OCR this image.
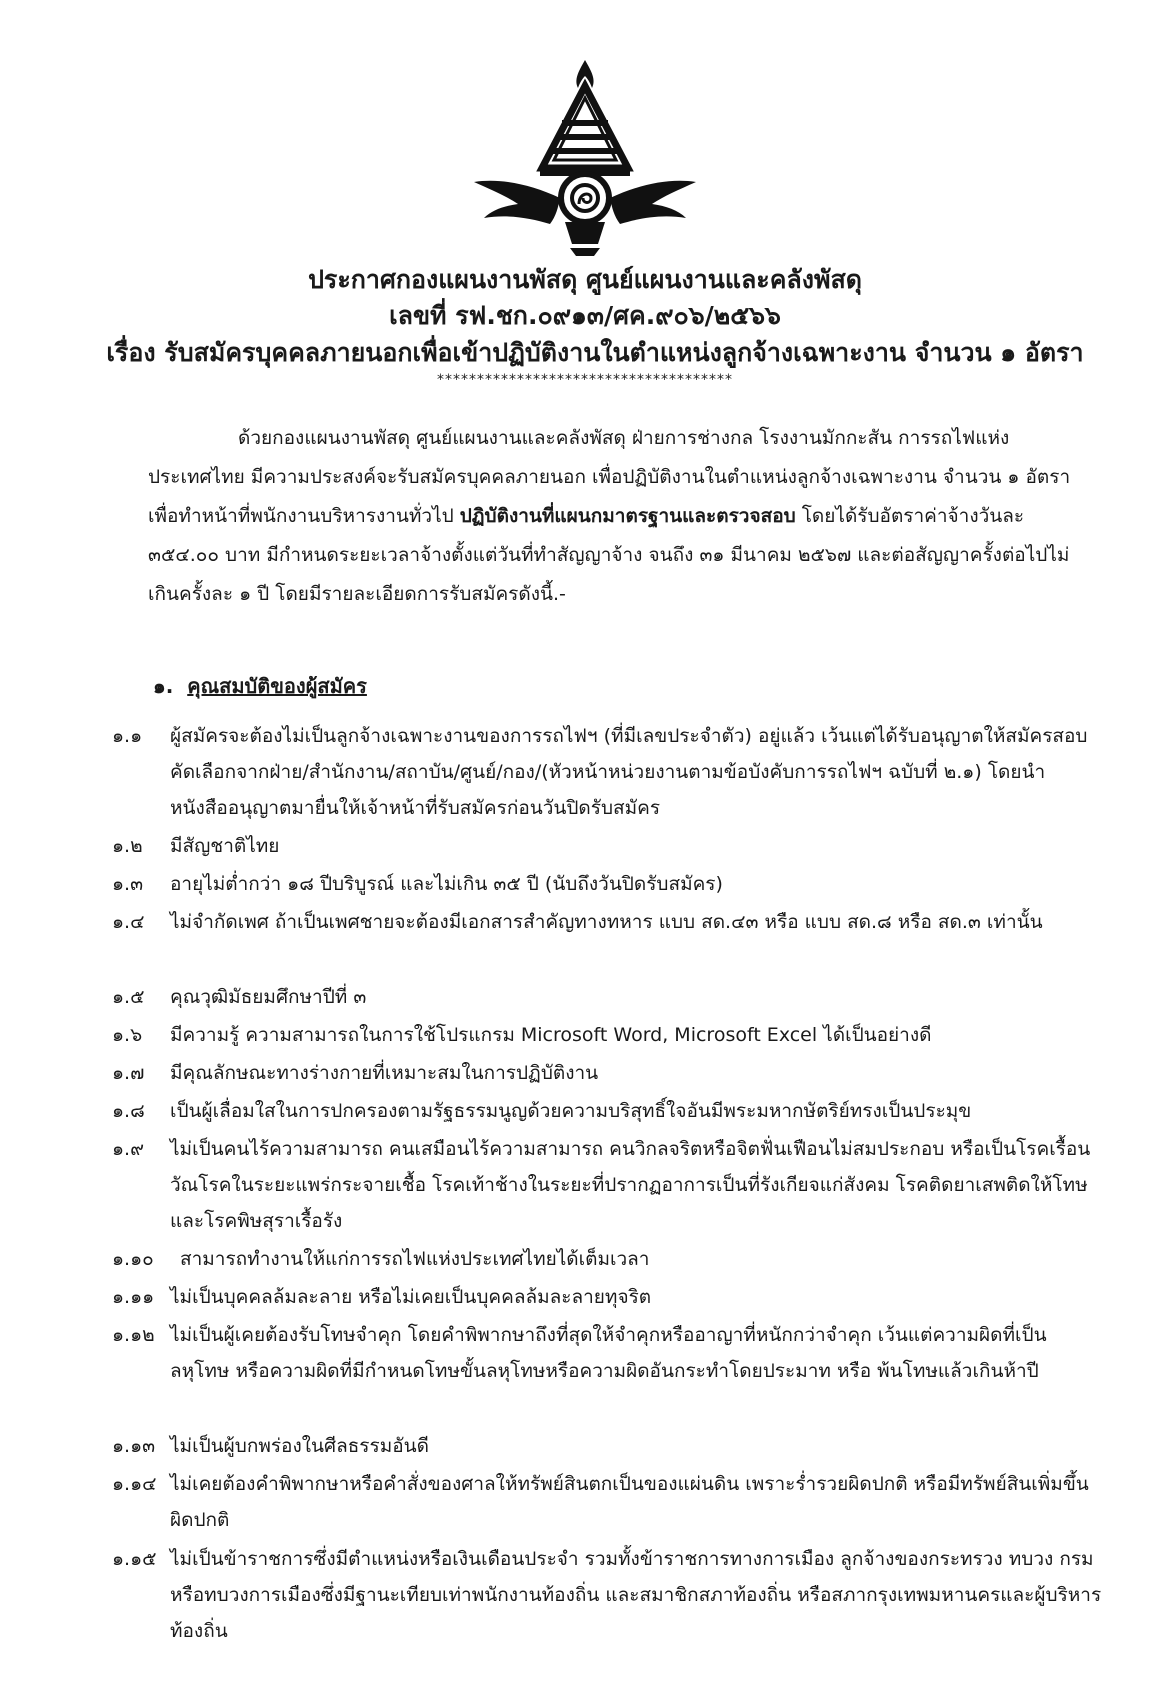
ประกาศกองแผนงานพัสดุ ศูนย์แผนงานและคลังพัสดุ
เลขที่ รฟ.ชก.๐๙๑๓/ศค.๙๐๖/๒๕๖๖
เรื่อง รับสมัครบุคคลภายนอกเพื่อเข้าปฏิบัติงานในตำแหน่งลูกจ้างเฉพาะงาน จำนวน ๑ อัตรา
*************************************
ด้วยกองแผนงานพัสดุ ศูนย์แผนงานและคลังพัสดุ ฝ่ายการช่างกล โรงงานมักกะสัน การรถไฟแห่งประเทศไทย มีความประสงค์จะรับสมัครบุคคลภายนอก เพื่อปฏิบัติงานในตำแหน่งลูกจ้างเฉพาะงาน จำนวน ๑ อัตรา เพื่อทำหน้าที่พนักงานบริหารงานทั่วไป ปฏิบัติงานที่แผนกมาตรฐานและตรวจสอบ โดยได้รับอัตราค่าจ้างวันละ ๓๕๔.๐๐ บาท มีกำหนดระยะเวลาจ้างตั้งแต่วันที่ทำสัญญาจ้าง จนถึง ๓๑ มีนาคม ๒๕๖๗ และต่อสัญญาครั้งต่อไปไม่เกินครั้งละ ๑ ปี โดยมีรายละเอียดการรับสมัครดังนี้.-
๑. คุณสมบัติของผู้สมัคร
๑.๑	ผู้สมัครจะต้องไม่เป็นลูกจ้างเฉพาะงานของการรถไฟฯ (ที่มีเลขประจำตัว) อยู่แล้ว เว้นแต่ได้รับอนุญาตให้สมัครสอบคัดเลือกจากฝ่าย/สำนักงาน/สถาบัน/ศูนย์/กอง/(หัวหน้าหน่วยงานตามข้อบังคับการรถไฟฯ ฉบับที่ ๒.๑) โดยนำหนังสืออนุญาตมายื่นให้เจ้าหน้าที่รับสมัครก่อนวันปิดรับสมัคร
๑.๒	มีสัญชาติไทย
๑.๓	อายุไม่ต่ำกว่า ๑๘ ปีบริบูรณ์ และไม่เกิน ๓๕ ปี (นับถึงวันปิดรับสมัคร)
๑.๔	ไม่จำกัดเพศ ถ้าเป็นเพศชายจะต้องมีเอกสารสำคัญทางทหาร แบบ สด.๔๓ หรือ แบบ สด.๘ หรือ สด.๓ เท่านั้น
๑.๕	คุณวุฒิมัธยมศึกษาปีที่ ๓
๑.๖	มีความรู้ ความสามารถในการใช้โปรแกรม Microsoft Word, Microsoft Excel ได้เป็นอย่างดี
๑.๗	มีคุณลักษณะทางร่างกายที่เหมาะสมในการปฏิบัติงาน
๑.๘	เป็นผู้เลื่อมใสในการปกครองตามรัฐธรรมนูญด้วยความบริสุทธิ์ใจอันมีพระมหากษัตริย์ทรงเป็นประมุข
๑.๙	ไม่เป็นคนไร้ความสามารถ คนเสมือนไร้ความสามารถ คนวิกลจริตหรือจิตฟั่นเฟือนไม่สมประกอบ หรือเป็นโรคเรื้อน วัณโรคในระยะแพร่กระจายเชื้อ โรคเท้าช้างในระยะที่ปรากฏอาการเป็นที่รังเกียจแก่สังคม โรคติดยาเสพติดให้โทษ และโรคพิษสุราเรื้อรัง
๑.๑๐	สามารถทำงานให้แก่การรถไฟแห่งประเทศไทยได้เต็มเวลา
๑.๑๑ ไม่เป็นบุคคลล้มละลาย หรือไม่เคยเป็นบุคคลล้มละลายทุจริต
๑.๑๒ ไม่เป็นผู้เคยต้องรับโทษจำคุก โดยคำพิพากษาถึงที่สุดให้จำคุกหรืออาญาที่หนักกว่าจำคุก เว้นแต่ความผิดที่เป็นลหุโทษ หรือความผิดที่มีกำหนดโทษขั้นลหุโทษหรือความผิดอันกระทำโดยประมาท หรือ พ้นโทษแล้วเกินห้าปี
๑.๑๓ ไม่เป็นผู้บกพร่องในศีลธรรมอันดี
๑.๑๔ ไม่เคยต้องคำพิพากษาหรือคำสั่งของศาลให้ทรัพย์สินตกเป็นของแผ่นดิน เพราะร่ำรวยผิดปกติ หรือมีทรัพย์สินเพิ่มขึ้นผิดปกติ
๑.๑๕ ไม่เป็นข้าราชการซึ่งมีตำแหน่งหรือเงินเดือนประจำ รวมทั้งข้าราชการทางการเมือง ลูกจ้างของกระทรวง ทบวง กรม หรือทบวงการเมืองซึ่งมีฐานะเทียบเท่าพนักงานท้องถิ่น และสมาชิกสภาท้องถิ่น หรือสภากรุงเทพมหานครและผู้บริหารท้องถิ่น
